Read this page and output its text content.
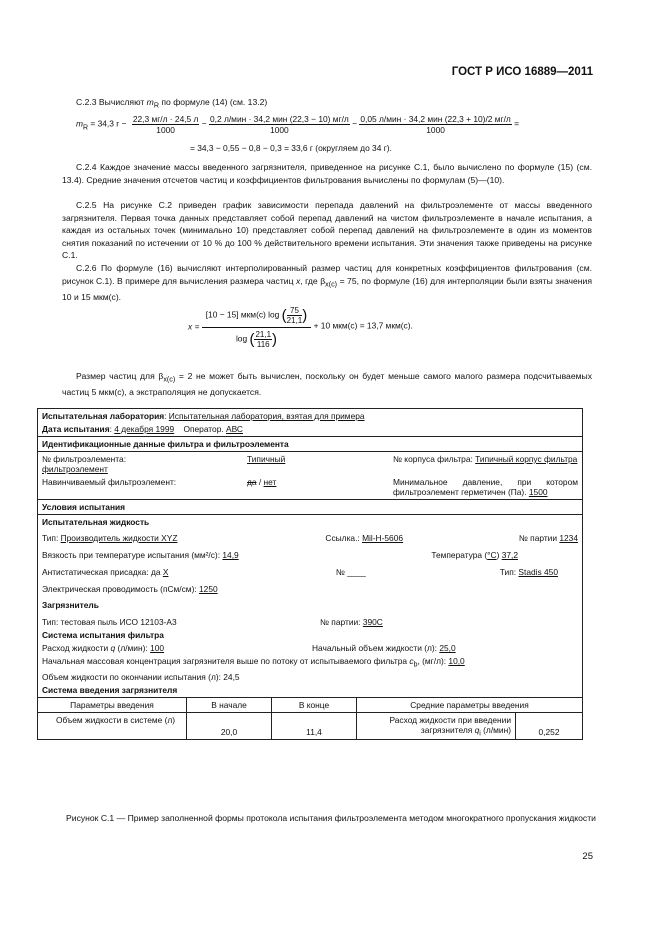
ГОСТ Р ИСО 16889—2011
С.2.3 Вычисляют $m_R$ по формуле (14) (см. 13.2)
$m_R = 34,3$ $г - \frac{22,3 мг/л \cdot 24,5 л}{1000} - \frac{\text{0,2 л/мин · 34,2 мин (22,3 − 10) мг/л}}{1000} - \frac{\text{0,05 л/мин · 34,2 мин (22,3 + 10)/2 мг/л}}{1000}$ =
= 34,3 − 0,55 − 0,8 − 0,3 = 33,6 г (округляем до 34 г).
С.2.4 Каждое значение массы введенного загрязнителя, приведенное на рисунке С.1, было вычислено по формуле (15) (см. 13.4). Средние значения отсчетов частиц и коэффициентов фильтрования вычислены по формулам (5)—(10).
С.2.5 На рисунке С.2 приведен график зависимости перепада давлений на фильтроэлементе от массы введенного загрязнителя. Первая точка данных представляет собой перепад давлений на чистом фильтроэлементе в начале испытания, а каждая из остальных точек (минимально 10) представляет собой перепад давлений на фильтроэлементе в один из моментов снятия показаний по истечении от 10 % до 100 % действительного времени испытания. Эти значения также приведены на рисунке С.1.
С.2.6 По формуле (16) вычисляют интерполированный размер частиц для конкретных коэффициентов фильтрования (см. рисунок С.1). В примере для вычисления размера частиц x, где $\beta_{x(c)} = 75$, по формуле (16) для интерполяции были взяты значения 10 и 15 мкм(с).
$x = \frac{[10 - 15] мкм(с) \log ( \frac{75}{21,1} )}{\log ( \frac{21,1}{116} )} + 10$ мкм(с) = 13,7 мкм(с).
Размер частиц для $\beta_{x(c)} = 2$ не может быть вычислен, поскольку он будет меньше самого малого размера подсчитываемых частиц 5 мкм(с), а экстраполяция не допускается.
Испытательная лаборатория: Испытательная лаборатория, взятая для примера
Дата испытания: 4 декабря 1999 Оператор. АВС

Идентификационные данные фильтра и фильтроэлемента

№ фильтроэлемента:
фильтроэлемент
Типичный	№ корпуса фильтра: Типичный корпус фильтра
Навинчиваемый фильтроэлемент:	да / нет	Минимальное давление, при котором фильтроэлемент герметичен (Па). 1500

Условия испытания

Испытательная жидкость
Тип: Производитель жидкости XYZ	Ссылка.: Mil-H-5606	№ партии 1234
Вязкость при температуре испытания (мм²/с): 14,9	Температура (°С) 37,2
Антистатическая присадка: да X	№ ____	Тип: Stadis 450
Электрическая проводимость (пСм/см): 1250
Загрязнитель
Тип: тестовая пыль ИСО 12103-А3	№ партии: 390С
Система испытания фильтра
Расход жидкости q (л/мин): 100	Начальный объем жидкости (л): 25,0
Начальная массовая концентрация загрязнителя выше по потоку от испытываемого фильтра $c_b$, (мг/л): 10,0
Объем жидкости по окончании испытания (л): 24,5
Система введения загрязнителя

Параметры введения	В начале	В конце	Средние параметры введения
Объем жидкости в системе (л)	20,0	11,4	Расход жидкости при введении загрязнителя $q_i$ (л/мин)	0,252
Рисунок С.1 — Пример заполненной формы протокола испытания фильтроэлемента методом многократного пропускания жидкости
25
